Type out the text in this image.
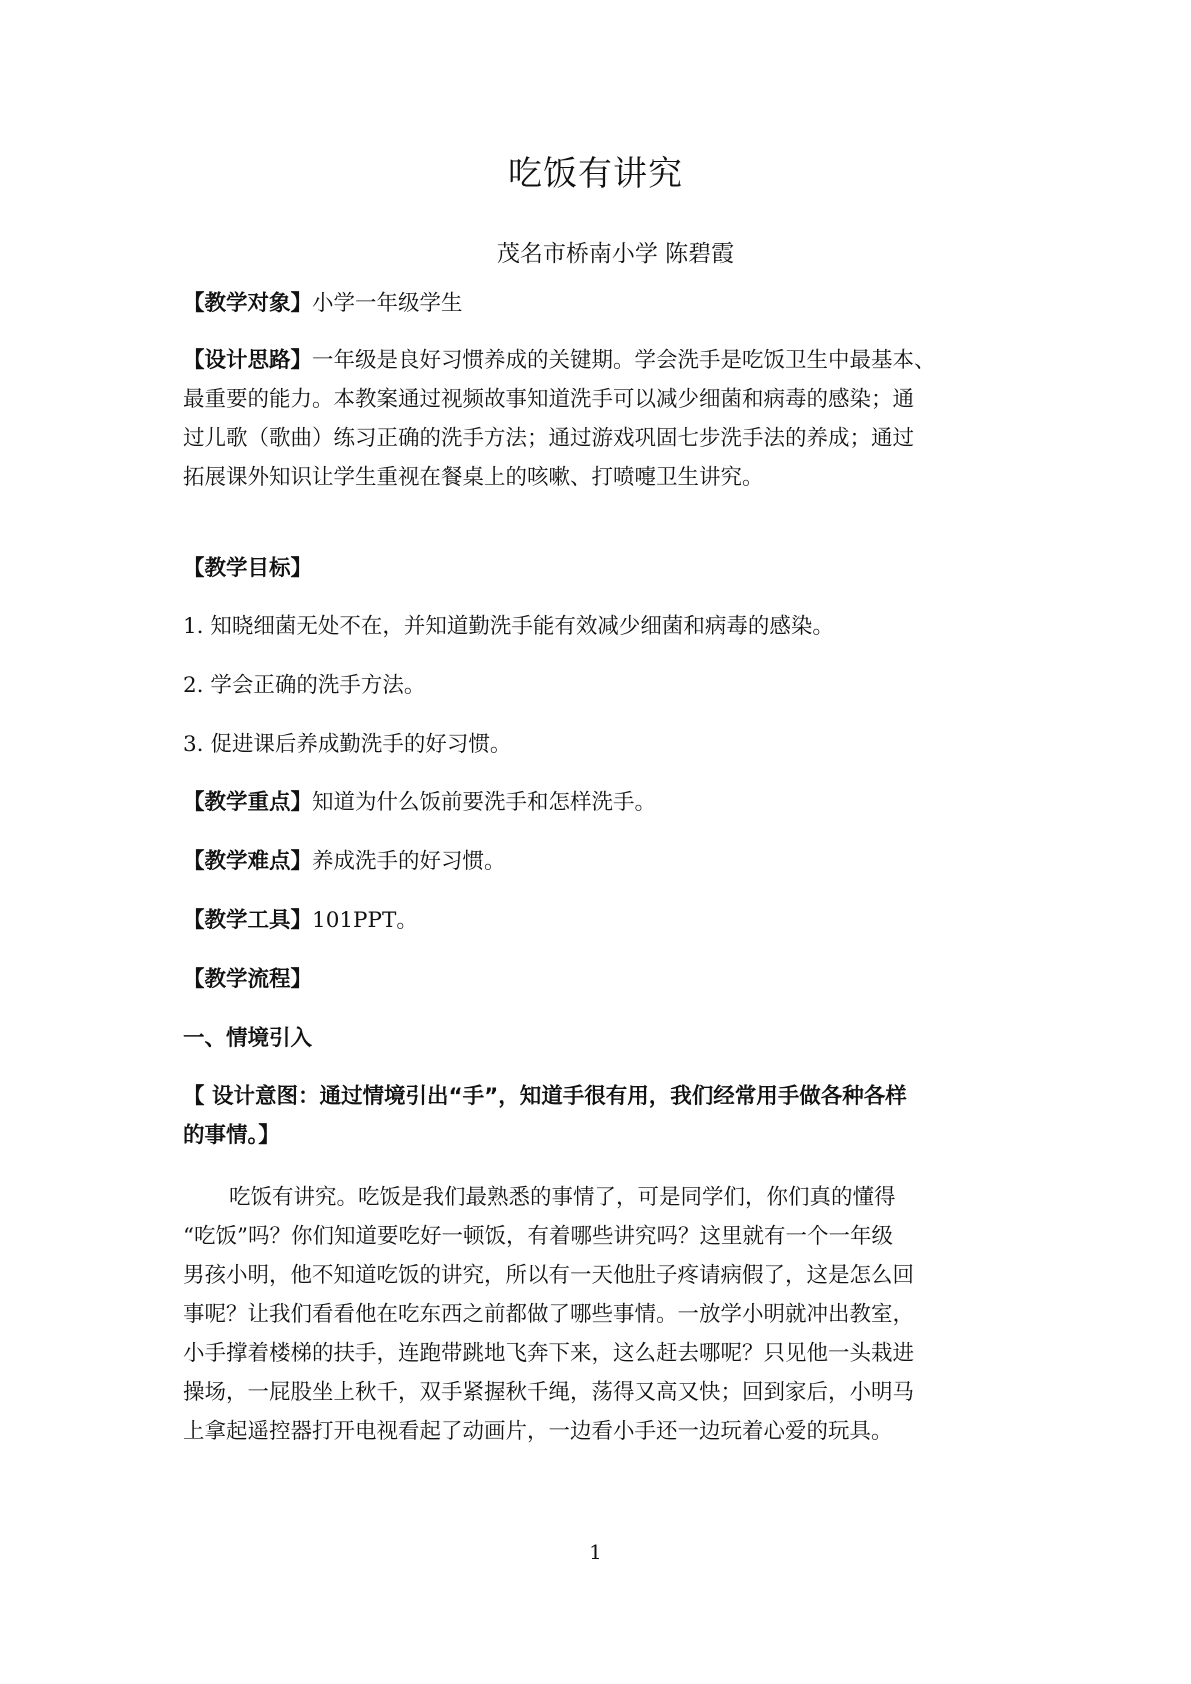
吃饭有讲究
茂名市桥南小学 陈碧霞
【教学对象】小学一年级学生
【设计思路】一年级是良好习惯养成的关键期。学会洗手是吃饭卫生中最基本、
最重要的能力。本教案通过视频故事知道洗手可以减少细菌和病毒的感染；通
过儿歌（歌曲）练习正确的洗手方法；通过游戏巩固七步洗手法的养成；通过
拓展课外知识让学生重视在餐桌上的咳嗽、打喷嚏卫生讲究。
【教学目标】
1. 知晓细菌无处不在，并知道勤洗手能有效减少细菌和病毒的感染。
2. 学会正确的洗手方法。
3. 促进课后养成勤洗手的好习惯。
【教学重点】知道为什么饭前要洗手和怎样洗手。
【教学难点】养成洗手的好习惯。
【教学工具】101PPT。
【教学流程】
一、情境引入
【 设计意图：通过情境引出“手”，知道手很有用，我们经常用手做各种各样
的事情。】
吃饭有讲究。吃饭是我们最熟悉的事情了，可是同学们，你们真的懂得
“吃饭”吗？你们知道要吃好一顿饭，有着哪些讲究吗？这里就有一个一年级
男孩小明，他不知道吃饭的讲究，所以有一天他肚子疼请病假了，这是怎么回
事呢？让我们看看他在吃东西之前都做了哪些事情。一放学小明就冲出教室，
小手撑着楼梯的扶手，连跑带跳地飞奔下来，这么赶去哪呢？只见他一头栽进
操场，一屁股坐上秋千，双手紧握秋千绳，荡得又高又快；回到家后，小明马
上拿起遥控器打开电视看起了动画片，一边看小手还一边玩着心爱的玩具。
1
